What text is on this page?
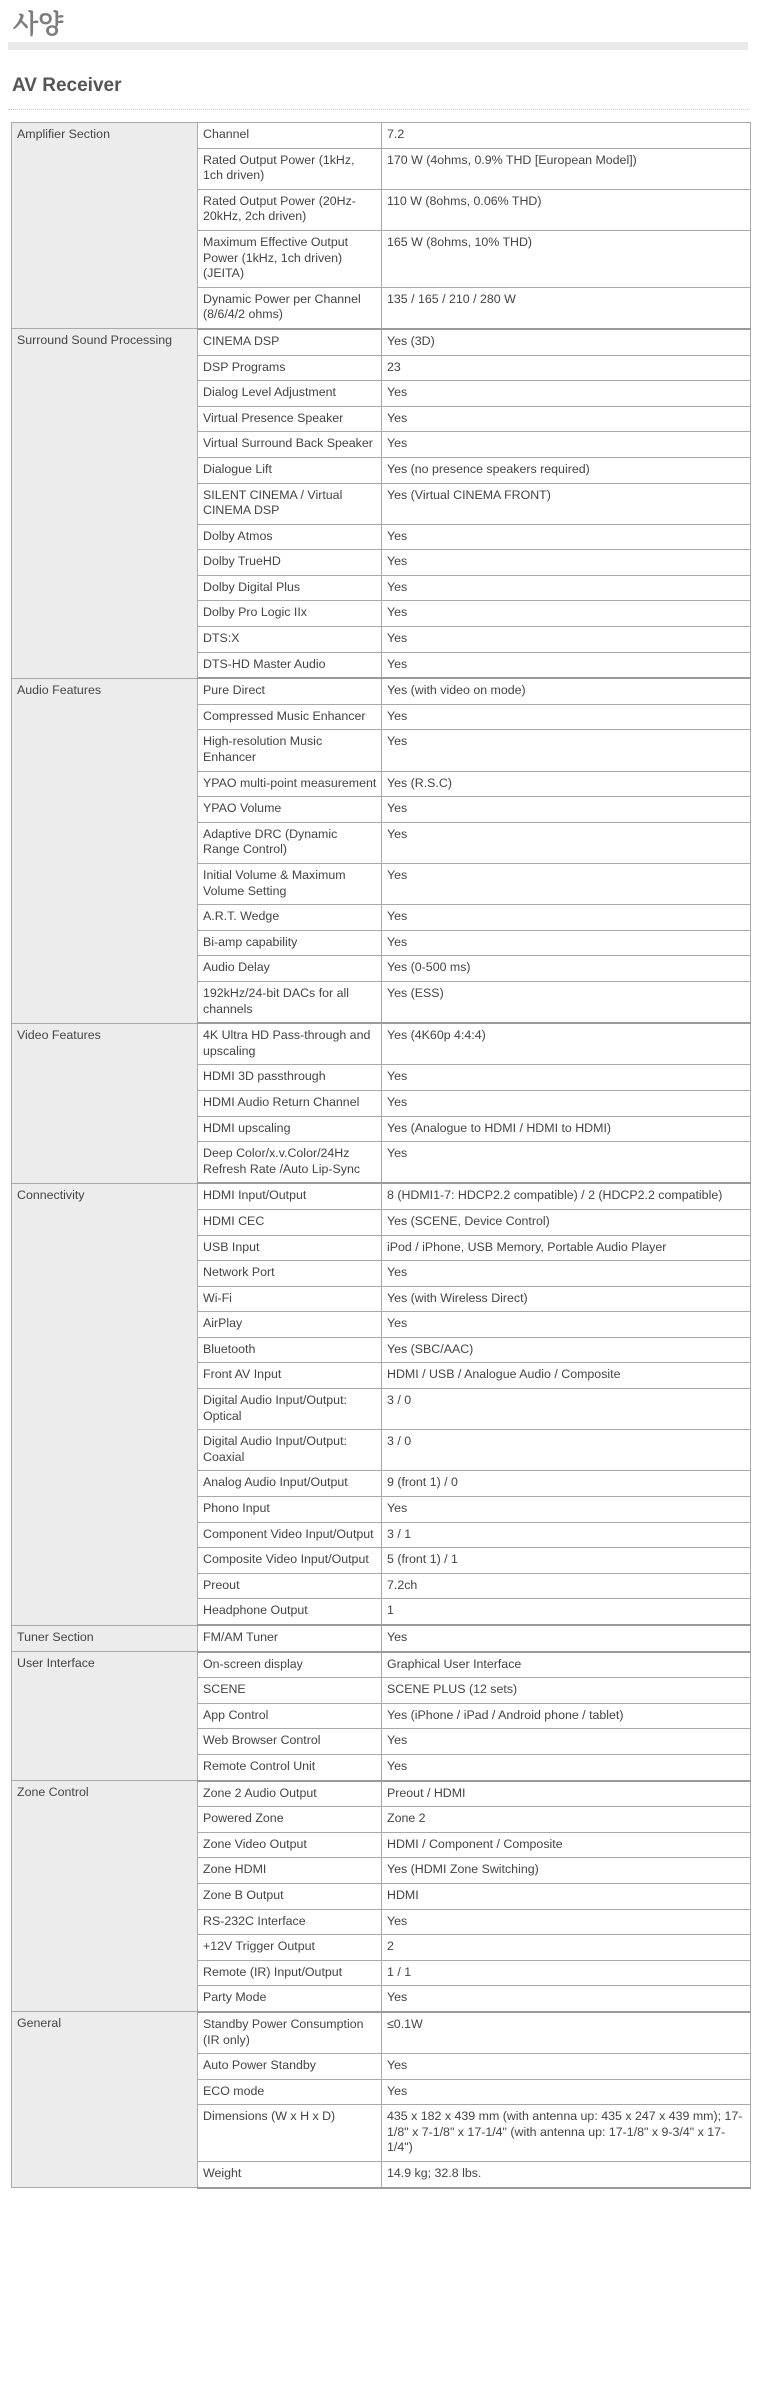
사양
AV Receiver
Amplifier Section	Channel	7.2
	Rated Output Power (1kHz, 1ch driven)	170 W (4ohms, 0.9% THD [European Model])
	Rated Output Power (20Hz-20kHz, 2ch driven)	110 W (8ohms, 0.06% THD)
	Maximum Effective Output Power (1kHz, 1ch driven) (JEITA)	165 W (8ohms, 10% THD)
	Dynamic Power per Channel (8/6/4/2 ohms)	135 / 165 / 210 / 280 W
Surround Sound Processing	CINEMA DSP	Yes (3D)
	DSP Programs	23
	Dialog Level Adjustment	Yes
	Virtual Presence Speaker	Yes
	Virtual Surround Back Speaker	Yes
	Dialogue Lift	Yes (no presence speakers required)
	SILENT CINEMA / Virtual CINEMA DSP	Yes (Virtual CINEMA FRONT)
	Dolby Atmos	Yes
	Dolby TrueHD	Yes
	Dolby Digital Plus	Yes
	Dolby Pro Logic IIx	Yes
	DTS:X	Yes
	DTS-HD Master Audio	Yes
Audio Features	Pure Direct	Yes (with video on mode)
	Compressed Music Enhancer	Yes
	High-resolution Music Enhancer	Yes
	YPAO multi-point measurement	Yes (R.S.C)
	YPAO Volume	Yes
	Adaptive DRC (Dynamic Range Control)	Yes
	Initial Volume & Maximum Volume Setting	Yes
	A.R.T. Wedge	Yes
	Bi-amp capability	Yes
	Audio Delay	Yes (0-500 ms)
	192kHz/24-bit DACs for all channels	Yes (ESS)
Video Features	4K Ultra HD Pass-through and upscaling	Yes (4K60p 4:4:4)
	HDMI 3D passthrough	Yes
	HDMI Audio Return Channel	Yes
	HDMI upscaling	Yes (Analogue to HDMI / HDMI to HDMI)
	Deep Color/x.v.Color/24Hz Refresh Rate /Auto Lip-Sync	Yes
Connectivity	HDMI Input/Output	8 (HDMI1-7: HDCP2.2 compatible) / 2 (HDCP2.2 compatible)
	HDMI CEC	Yes (SCENE, Device Control)
	USB Input	iPod / iPhone, USB Memory, Portable Audio Player
	Network Port	Yes
	Wi-Fi	Yes (with Wireless Direct)
	AirPlay	Yes
	Bluetooth	Yes (SBC/AAC)
	Front AV Input	HDMI / USB / Analogue Audio / Composite
	Digital Audio Input/Output: Optical	3 / 0
	Digital Audio Input/Output: Coaxial	3 / 0
	Analog Audio Input/Output	9 (front 1) / 0
	Phono Input	Yes
	Component Video Input/Output	3 / 1
	Composite Video Input/Output	5 (front 1) / 1
	Preout	7.2ch
	Headphone Output	1
Tuner Section	FM/AM Tuner	Yes
User Interface	On-screen display	Graphical User Interface
	SCENE	SCENE PLUS (12 sets)
	App Control	Yes (iPhone / iPad / Android phone / tablet)
	Web Browser Control	Yes
	Remote Control Unit	Yes
Zone Control	Zone 2 Audio Output	Preout / HDMI
	Powered Zone	Zone 2
	Zone Video Output	HDMI / Component / Composite
	Zone HDMI	Yes (HDMI Zone Switching)
	Zone B Output	HDMI
	RS-232C Interface	Yes
	+12V Trigger Output	2
	Remote (IR) Input/Output	1 / 1
	Party Mode	Yes
General	Standby Power Consumption (IR only)	≤0.1W
	Auto Power Standby	Yes
	ECO mode	Yes
	Dimensions (W x H x D)	435 x 182 x 439 mm (with antenna up: 435 x 247 x 439 mm); 17-1/8" x 7-1/8" x 17-1/4" (with antenna up: 17-1/8" x 9-3/4" x 17-1/4")
	Weight	14.9 kg; 32.8 lbs.
